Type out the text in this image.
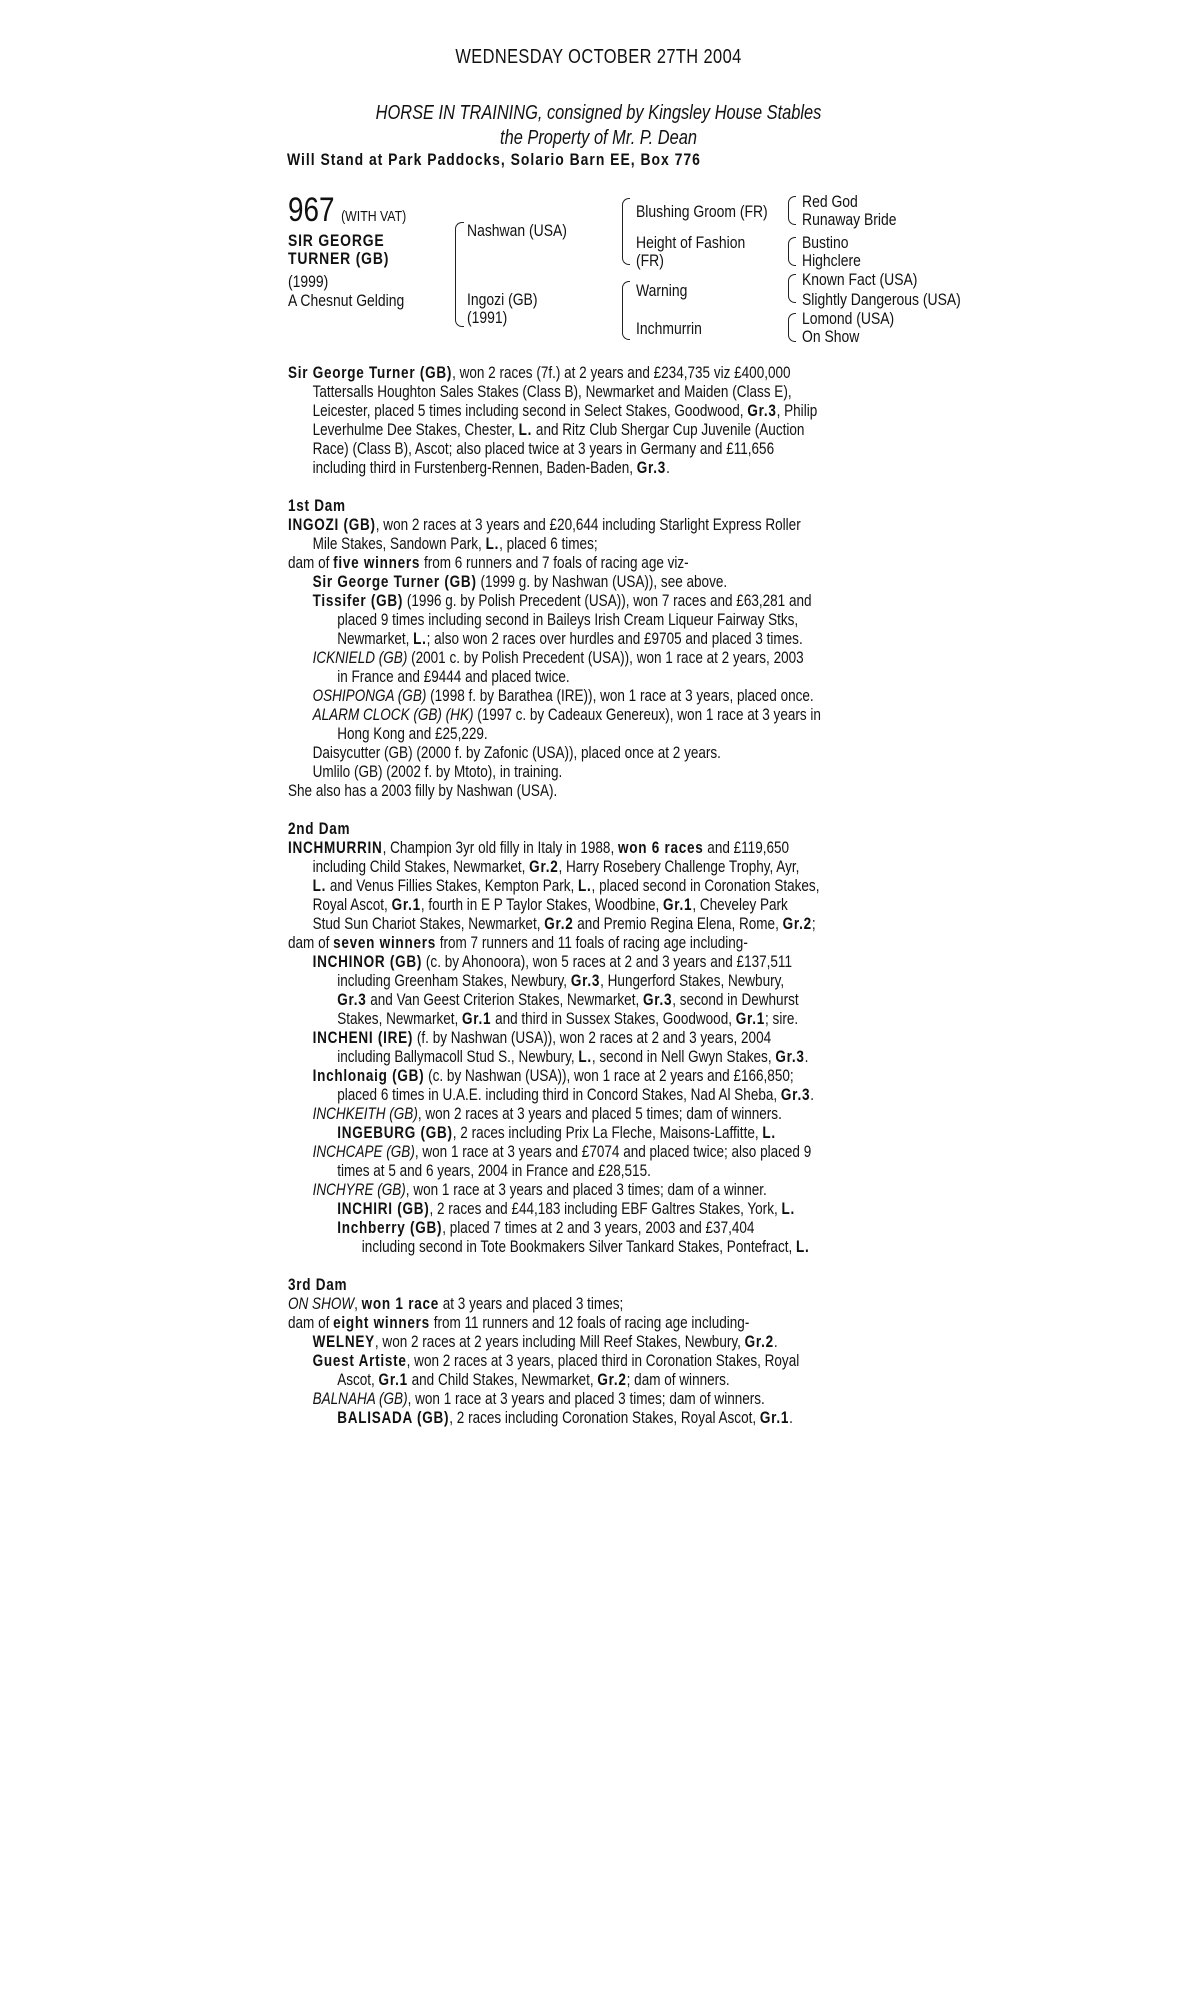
WEDNESDAY OCTOBER 27TH 2004
HORSE IN TRAINING, consigned by Kingsley House Stables
the Property of Mr. P. Dean
Will Stand at Park Paddocks, Solario Barn EE, Box 776
967 (WITH VAT)
SIR GEORGE
TURNER (GB)
(1999)
A Chesnut Gelding
Nashwan (USA)
Ingozi (GB)
(1991)
Blushing Groom (FR)
Height of Fashion
(FR)
Warning
Inchmurrin
Red God
Runaway Bride
Bustino
Highclere
Known Fact (USA)
Slightly Dangerous (USA)
Lomond (USA)
On Show

Sir George Turner (GB), won 2 races (7f.) at 2 years and £234,735 viz £400,000

Tattersalls Houghton Sales Stakes (Class B), Newmarket and Maiden (Class E),

Leicester, placed 5 times including second in Select Stakes, Goodwood, Gr.3, Philip

Leverhulme Dee Stakes, Chester, L. and Ritz Club Shergar Cup Juvenile (Auction

Race) (Class B), Ascot; also placed twice at 3 years in Germany and £11,656

including third in Furstenberg-Rennen, Baden-Baden, Gr.3.

1st Dam

INGOZI (GB), won 2 races at 3 years and £20,644 including Starlight Express Roller

Mile Stakes, Sandown Park, L., placed 6 times;

dam of five winners from 6 runners and 7 foals of racing age viz-

Sir George Turner (GB) (1999 g. by Nashwan (USA)), see above.

Tissifer (GB) (1996 g. by Polish Precedent (USA)), won 7 races and £63,281 and

placed 9 times including second in Baileys Irish Cream Liqueur Fairway Stks,

Newmarket, L.; also won 2 races over hurdles and £9705 and placed 3 times.

ICKNIELD (GB) (2001 c. by Polish Precedent (USA)), won 1 race at 2 years, 2003

in France and £9444 and placed twice.

OSHIPONGA (GB) (1998 f. by Barathea (IRE)), won 1 race at 3 years, placed once.

ALARM CLOCK (GB) (HK) (1997 c. by Cadeaux Genereux), won 1 race at 3 years in

Hong Kong and £25,229.

Daisycutter (GB) (2000 f. by Zafonic (USA)), placed once at 2 years.

Umlilo (GB) (2002 f. by Mtoto), in training.

She also has a 2003 filly by Nashwan (USA).

2nd Dam

INCHMURRIN, Champion 3yr old filly in Italy in 1988, won 6 races and £119,650

including Child Stakes, Newmarket, Gr.2, Harry Rosebery Challenge Trophy, Ayr,

L. and Venus Fillies Stakes, Kempton Park, L., placed second in Coronation Stakes,

Royal Ascot, Gr.1, fourth in E P Taylor Stakes, Woodbine, Gr.1, Cheveley Park

Stud Sun Chariot Stakes, Newmarket, Gr.2 and Premio Regina Elena, Rome, Gr.2;

dam of seven winners from 7 runners and 11 foals of racing age including-

INCHINOR (GB) (c. by Ahonoora), won 5 races at 2 and 3 years and £137,511

including Greenham Stakes, Newbury, Gr.3, Hungerford Stakes, Newbury,

Gr.3 and Van Geest Criterion Stakes, Newmarket, Gr.3, second in Dewhurst

Stakes, Newmarket, Gr.1 and third in Sussex Stakes, Goodwood, Gr.1; sire.

INCHENI (IRE) (f. by Nashwan (USA)), won 2 races at 2 and 3 years, 2004

including Ballymacoll Stud S., Newbury, L., second in Nell Gwyn Stakes, Gr.3.

Inchlonaig (GB) (c. by Nashwan (USA)), won 1 race at 2 years and £166,850;

placed 6 times in U.A.E. including third in Concord Stakes, Nad Al Sheba, Gr.3.

INCHKEITH (GB), won 2 races at 3 years and placed 5 times; dam of winners.

INGEBURG (GB), 2 races including Prix La Fleche, Maisons-Laffitte, L.

INCHCAPE (GB), won 1 race at 3 years and £7074 and placed twice; also placed 9

times at 5 and 6 years, 2004 in France and £28,515.

INCHYRE (GB), won 1 race at 3 years and placed 3 times; dam of a winner.

INCHIRI (GB), 2 races and £44,183 including EBF Galtres Stakes, York, L.

Inchberry (GB), placed 7 times at 2 and 3 years, 2003 and £37,404

including second in Tote Bookmakers Silver Tankard Stakes, Pontefract, L.

3rd Dam

ON SHOW, won 1 race at 3 years and placed 3 times;

dam of eight winners from 11 runners and 12 foals of racing age including-

WELNEY, won 2 races at 2 years including Mill Reef Stakes, Newbury, Gr.2.

Guest Artiste, won 2 races at 3 years, placed third in Coronation Stakes, Royal

Ascot, Gr.1 and Child Stakes, Newmarket, Gr.2; dam of winners.

BALNAHA (GB), won 1 race at 3 years and placed 3 times; dam of winners.

BALISADA (GB), 2 races including Coronation Stakes, Royal Ascot, Gr.1.
